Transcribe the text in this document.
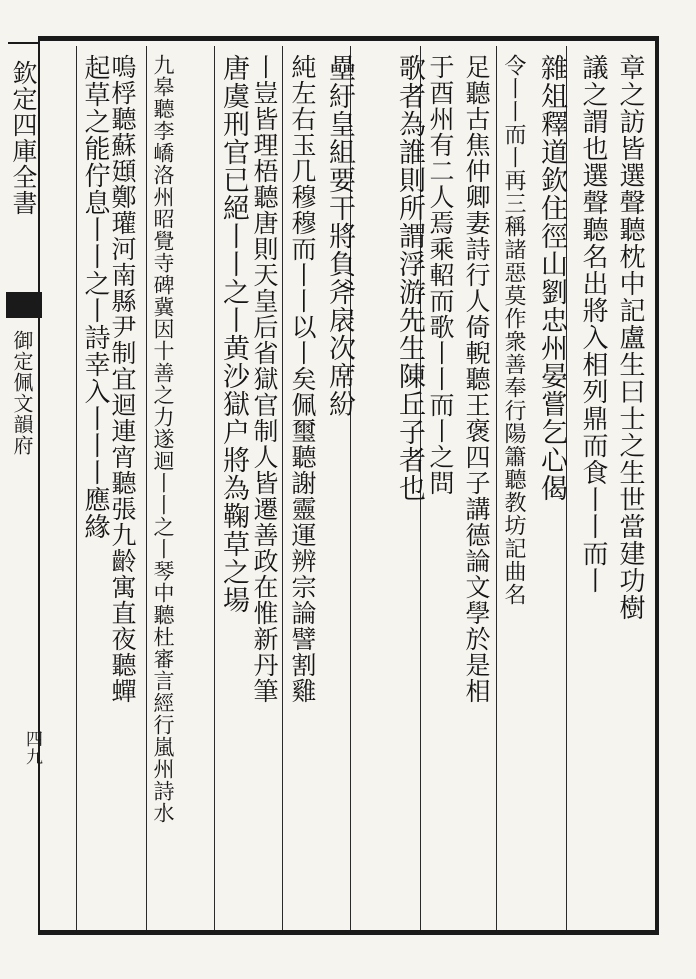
欽定四庫全書
御定佩文韻府
四九
章之訪皆選聲聽枕中記盧生曰士之生世當建功樹
議之謂也選聲聽名出將入相列鼎而食丨丨而丨
雜俎釋道欽住徑山劉忠州晏嘗乞心偈
令丨丨而丨再三稱諸惡莫作衆善奉行陽簫聽教坊記曲名
足聽古焦仲卿妻詩行人倚輗聽王褒四子講德論文學於是相
于酉州有二人焉乘軺而歌丨丨而丨之問
歌者為誰則所謂浮游先生陳丘子者也
壘紆皇組要干將負斧扆次席紛
純左右玉几穆穆而丨丨以丨矣佩璽聽謝靈運辨宗論譬割雞
丨豈皆理梧聽唐則天皇后省獄官制人皆遷善政在惟新丹筆
唐虞刑官已絕丨丨之丨黄沙獄户將為鞠草之場
九皋聽李嶠洛州昭覺寺碑冀因十善之力遂迴丨丨之丨琴中聽杜審言經行嵐州詩水
嗚桴聽蘇頲鄭瓘河南縣尹制宜迴連宵聽張九齡寓直夜聽蟬
起草之能佇息丨丨之丨詩幸入丨丨丨應緣
